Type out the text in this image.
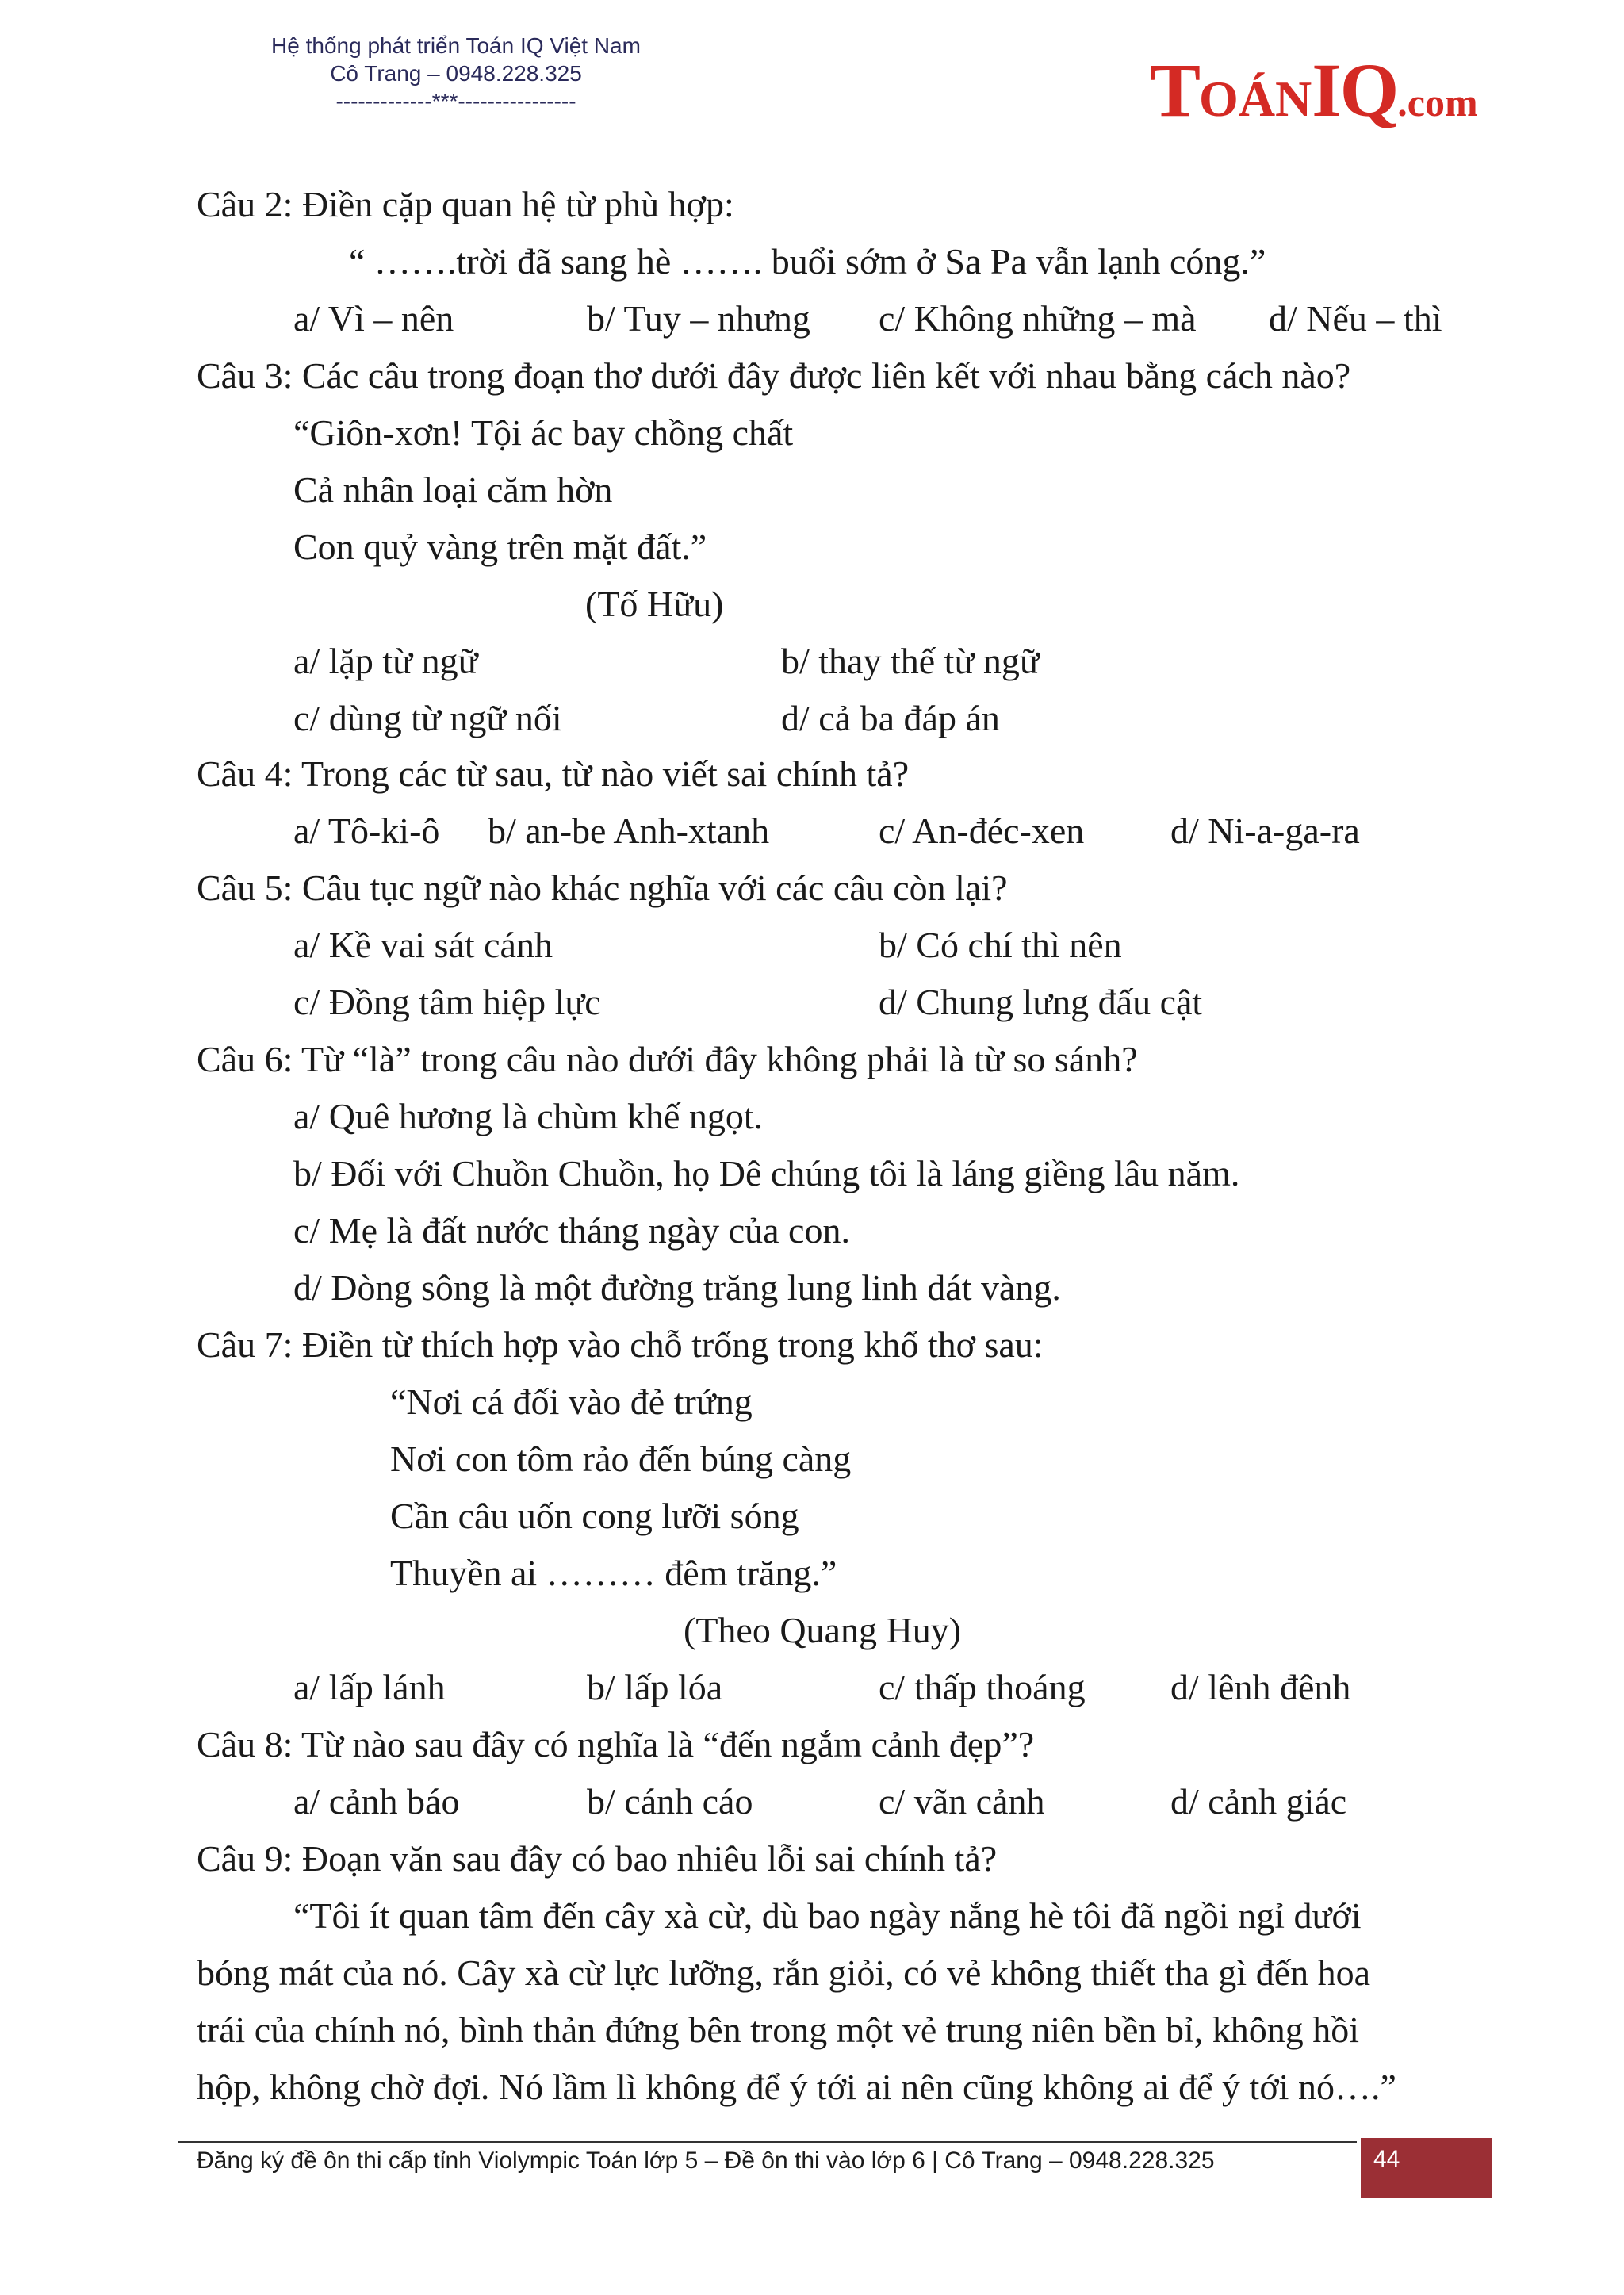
Hệ thống phát triển Toán IQ Việt Nam
Cô Trang – 0948.228.325
-------------***----------------	TOÁNIQ.com
Câu 2: Điền cặp quan hệ từ phù hợp:
“ …….trời đã sang hè ……. buổi sớm ở Sa Pa vẫn lạnh cóng.”
a/ Vì – nên	b/ Tuy – nhưng c/ Không những – mà d/ Nếu – thì
Câu 3: Các câu trong đoạn thơ dưới đây được liên kết với nhau bằng cách nào?
“Giôn-xơn! Tội ác bay chồng chất
Cả nhân loại căm hờn
Con quỷ vàng trên mặt đất.”
(Tố Hữu)
a/ lặp từ ngữ	b/ thay thế từ ngữ
c/ dùng từ ngữ nối	d/ cả ba đáp án
Câu 4: Trong các từ sau, từ nào viết sai chính tả?
a/ Tô-ki-ô b/ an-be Anh-xtanh	c/ An-đéc-xen d/ Ni-a-ga-ra
Câu 5: Câu tục ngữ nào khác nghĩa với các câu còn lại?
a/ Kề vai sát cánh	b/ Có chí thì nên
c/ Đồng tâm hiệp lực	d/ Chung lưng đấu cật
Câu 6: Từ “là” trong câu nào dưới đây không phải là từ so sánh?
a/ Quê hương là chùm khế ngọt.
b/ Đối với Chuồn Chuồn, họ Dê chúng tôi là láng giềng lâu năm.
c/ Mẹ là đất nước tháng ngày của con.
d/ Dòng sông là một đường trăng lung linh dát vàng.
Câu 7: Điền từ thích hợp vào chỗ trống trong khổ thơ sau:
“Nơi cá đối vào đẻ trứng
Nơi con tôm rảo đến búng càng
Cần câu uốn cong lưỡi sóng
Thuyền ai ……… đêm trăng.”
(Theo Quang Huy)
a/ lấp lánh	b/ lấp lóa	c/ thấp thoáng d/ lênh đênh
Câu 8: Từ nào sau đây có nghĩa là “đến ngắm cảnh đẹp”?
a/ cảnh báo	b/ cánh cáo	c/ vãn cảnh	d/ cảnh giác
Câu 9: Đoạn văn sau đây có bao nhiêu lỗi sai chính tả?
“Tôi ít quan tâm đến cây xà cừ, dù bao ngày nắng hè tôi đã ngồi ngỉ dưới
bóng mát của nó. Cây xà cừ lực lưỡng, rắn giỏi, có vẻ không thiết tha gì đến hoa
trái của chính nó, bình thản đứng bên trong một vẻ trung niên bền bỉ, không hồi
hộp, không chờ đợi. Nó lầm lì không để ý tới ai nên cũng không ai để ý tới nó….”
Đăng ký đề ôn thi cấp tỉnh Violympic Toán lớp 5 – Đề ôn thi vào lớp 6 | Cô Trang – 0948.228.325	44
